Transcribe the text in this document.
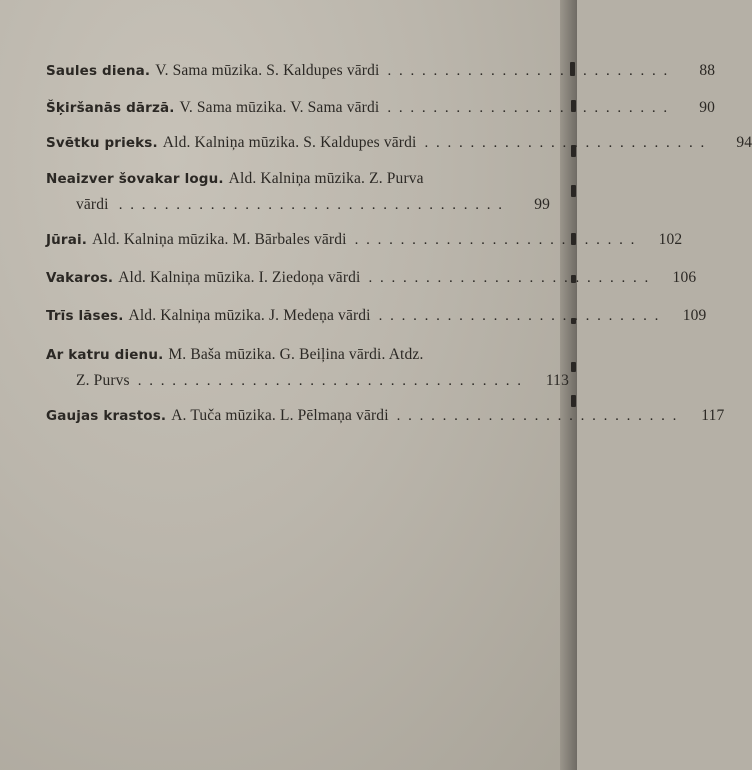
Saules diena. V. Sama mūzika. S. Kaldupes vārdi . . . . . . . . . . . . . . . . . . . . . . . . .	88
Šķiršanās dārzā. V. Sama mūzika. V. Sama vārdi . . . . . . . . . . . . . . . . . . . . . . . . .	90
Svētku prieks. Ald. Kalniņa mūzika. S. Kaldupes vārdi . . . . . . . . . . . . . . . . . . . . . . . . .	94
Neaizver šovakar logu. Ald. Kalniņa mūzika. Z. Purva
vārdi . . . . . . . . . . . . . . . . . . . . . . . . . . . . . . . . . .	99
Jūrai. Ald. Kalniņa mūzika. M. Bārbales vārdi . . . . . . . . . . . . . . . . . . . . . . . . .	102
Vakaros. Ald. Kalniņa mūzika. I. Ziedoņa vārdi . . . . . . . . . . . . . . . . . . . . . . . . .	106
Trīs lāses. Ald. Kalniņa mūzika. J. Medeņa vārdi . . . . . . . . . . . . . . . . . . . . . . . . .	109
Ar katru dienu. M. Baša mūzika. G. Beiļina vārdi. Atdz.
Z. Purvs . . . . . . . . . . . . . . . . . . . . . . . . . . . . . . . . . .	113
Gaujas krastos. A. Tuča mūzika. L. Pēlmaņa vārdi . . . . . . . . . . . . . . . . . . . . . . . . .	117
